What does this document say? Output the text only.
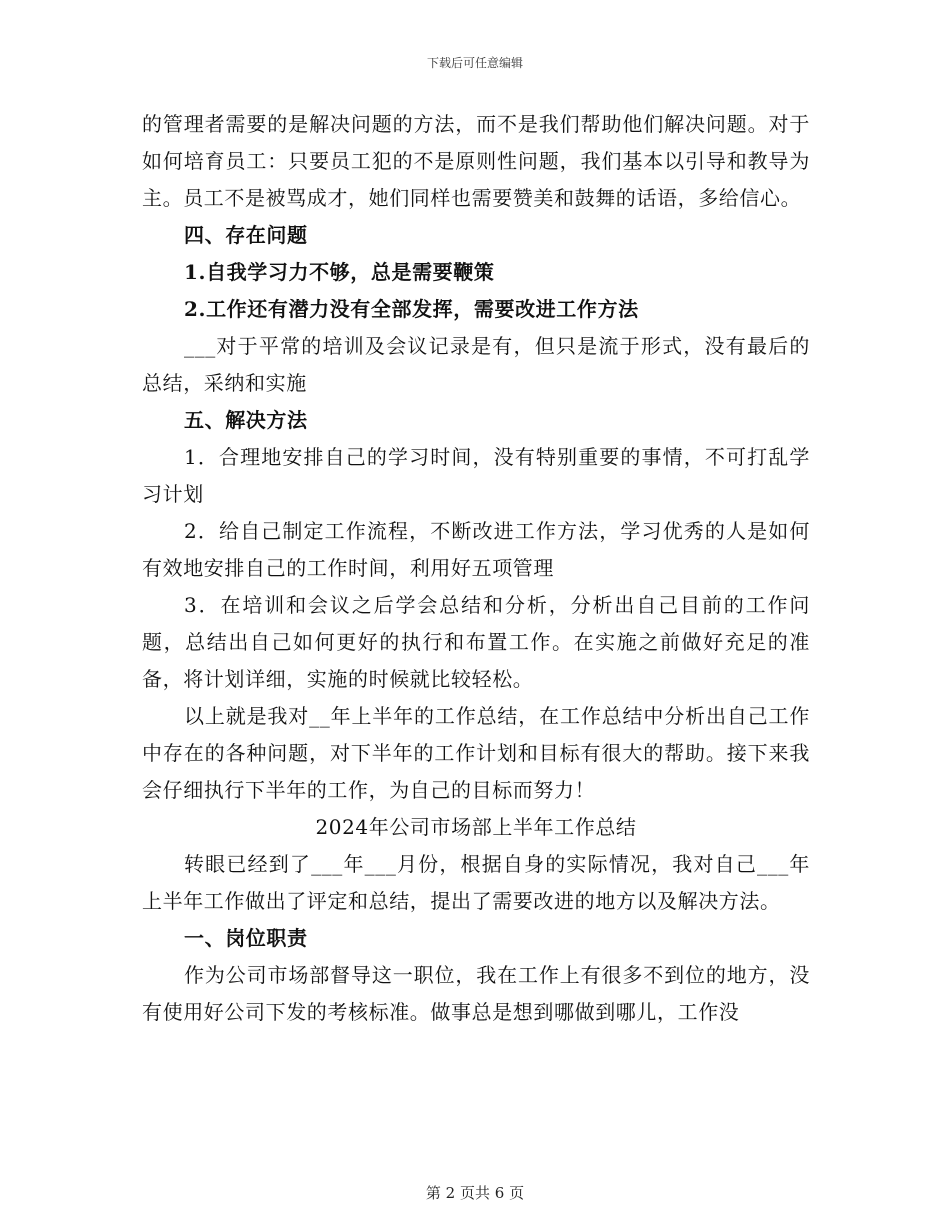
下载后可任意编辑

的管理者需要的是解决问题的方法，而不是我们帮助他们解决问题。对于如何培育员工：只要员工犯的不是原则性问题，我们基本以引导和教导为主。员工不是被骂成才，她们同样也需要赞美和鼓舞的话语，多给信心。

四、存在问题

1.自我学习力不够，总是需要鞭策

2.工作还有潜力没有全部发挥，需要改进工作方法

___对于平常的培训及会议记录是有，但只是流于形式，没有最后的总结，采纳和实施

五、解决方法

1．合理地安排自己的学习时间，没有特别重要的事情，不可打乱学习计划

2．给自己制定工作流程，不断改进工作方法，学习优秀的人是如何有效地安排自己的工作时间，利用好五项管理

3．在培训和会议之后学会总结和分析，分析出自己目前的工作问题，总结出自己如何更好的执行和布置工作。在实施之前做好充足的准备，将计划详细，实施的时候就比较轻松。

以上就是我对__年上半年的工作总结，在工作总结中分析出自己工作中存在的各种问题，对下半年的工作计划和目标有很大的帮助。接下来我会仔细执行下半年的工作，为自己的目标而努力！

2024年公司市场部上半年工作总结

转眼已经到了___年___月份，根据自身的实际情况，我对自己___年上半年工作做出了评定和总结，提出了需要改进的地方以及解决方法。

一、岗位职责

作为公司市场部督导这一职位，我在工作上有很多不到位的地方，没有使用好公司下发的考核标准。做事总是想到哪做到哪儿，工作没

第 2 页共 6 页
